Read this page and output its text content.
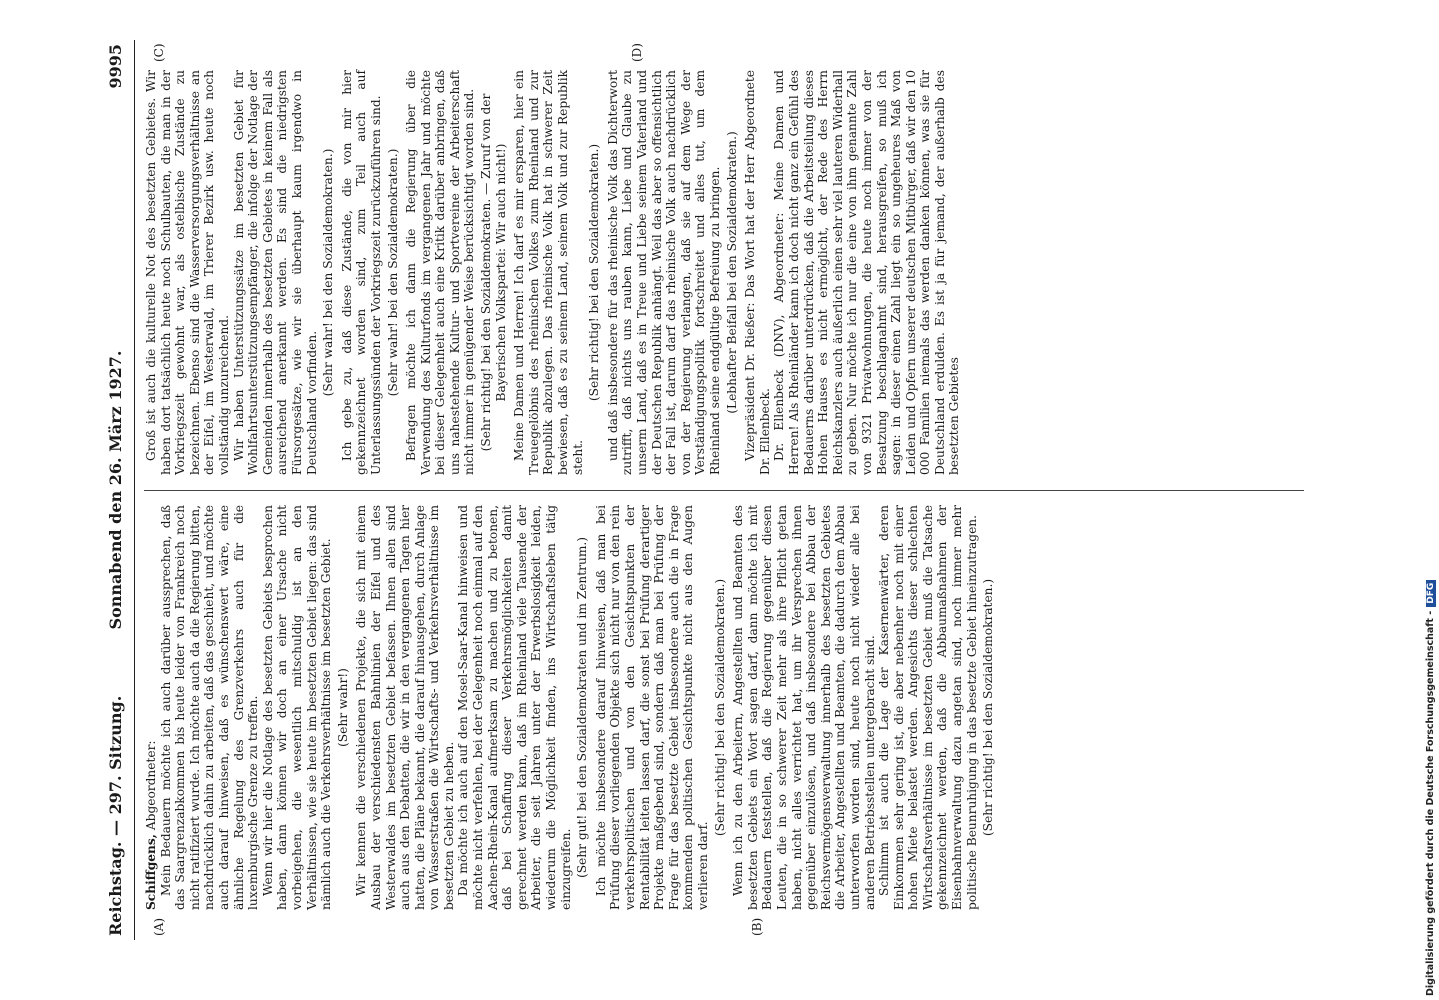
Reichstag. — 297. Sitzung.
Sonnabend den 26. März 1927.
9995
(A)	(B)
(C)	(D)

Schiffgens, Abgeordneter: Mein Bedauern möchte ich auch darüber aussprechen, daß das Saargrenzabkommen bis heute leider von Frankreich noch nicht ratifiziert wurde. Ich möchte auch da die Regierung bitten, nachdrücklich dahin zu arbeiten, daß das geschieht, und möchte auch darauf hinweisen, daß es wünschenswert wäre, eine ähnliche Regelung des Grenzverkehrs auch für die luxemburgische Grenze zu treffen. Wenn wir hier die Notlage des besetzten Gebiets besprochen haben, dann können wir doch an einer Ursache nicht vorbeigehen, die wesentlich mitschuldig ist an den Verhältnissen, wie sie heute im besetzten Gebiet liegen: das sind nämlich auch die Verkehrsverhältnisse im besetzten Gebiet. (Sehr wahr!) Wir kennen die verschiedenen Projekte, die sich mit einem Ausbau der verschiedensten Bahnlinien der Eifel und des Westerwaldes im besetzten Gebiet befassen. Ihnen allen sind auch aus den Debatten, die wir in den vergangenen Tagen hier hatten, die Pläne bekannt, die darauf hinausgehen, durch Anlage von Wasserstraßen die Wirtschafts- und Verkehrsverhältnisse im besetzten Gebiet zu heben. Da möchte ich auch auf den Mosel-Saar-Kanal hinweisen und möchte nicht verfehlen, bei der Gelegenheit noch einmal auf den Aachen-Rhein-Kanal aufmerksam zu machen und zu betonen, daß bei Schaffung dieser Verkehrsmöglichkeiten damit gerechnet werden kann, daß im Rheinland viele Tausende der Arbeiter, die seit Jahren unter der Erwerbslosigkeit leiden, wiederum die Möglichkeit finden, ins Wirtschaftsleben tätig einzugreifen. (Sehr gut! bei den Sozialdemokraten und im Zentrum.) Ich möchte insbesondere darauf hinweisen, daß man bei Prüfung dieser vorliegenden Objekte sich nicht nur von den rein verkehrspolitischen und von den Gesichtspunkten der Rentabilität leiten lassen darf, die sonst bei Prüfung derartiger Projekte maßgebend sind, sondern daß man bei Prüfung der Frage für das besetzte Gebiet insbesondere auch die in Frage kommenden politischen Gesichtspunkte nicht aus den Augen verlieren darf.

(Sehr richtig! bei den Sozialdemokraten.) Wenn ich zu den Arbeitern, Angestellten und Beamten des besetzten Gebiets ein Wort sagen darf, dann möchte ich mit Bedauern feststellen, daß die Regierung gegenüber diesen Leuten, die in so schwerer Zeit mehr als ihre Pflicht getan haben, nicht alles verrichtet hat, um ihr Versprechen ihnen gegenüber einzulösen, und daß insbesondere bei Abbau der Reichsvermögensverwaltung innerhalb des besetzten Gebietes die Arbeiter, Angestellten und Beamten, die dadurch dem Abbau unterworfen worden sind, heute noch nicht wieder alle bei anderen Betriebsstellen untergebracht sind. Schlimm ist auch die Lage der Kasernenwärter, deren Einkommen sehr gering ist, die aber nebenher noch mit einer hohen Miete belastet werden. Angesichts dieser schlechten Wirtschaftsverhältnisse im besetzten Gebiet muß die Tatsache gekennzeichnet werden, daß die Abbaumaßnahmen der Eisenbahnverwaltung dazu angetan sind, noch immer mehr politische Beunruhigung in das besetzte Gebiet hineinzutragen. (Sehr richtig! bei den Sozialdemokraten.)

Groß ist auch die kulturelle Not des besetzten Gebietes. Wir haben dort tatsächlich heute noch Schulbauten, die man in der Vorkriegszeit gewohnt war, als ostelbische Zustände zu bezeichnen. Ebenso sind die Wasserversorgungsverhältnisse an der Eifel, im Westerwald, im Trierer Bezirk usw. heute noch vollständig unzureichend. Wir haben Unterstützungssätze im besetzten Gebiet für Wohlfahrtsunterstützungsempfänger, die infolge der Notlage der Gemeinden innerhalb des besetzten Gebietes in keinem Fall als ausreichend anerkannt werden. Es sind die niedrigsten Fürsorgesätze, wie wir sie überhaupt kaum irgendwo in Deutschland vorfinden.

(Sehr wahr! bei den Sozialdemokraten.) Ich gebe zu, daß diese Zustände, die von mir hier gekennzeichnet worden sind, zum Teil auch auf Unterlassungssünden der Vorkriegszeit zurückzuführen sind. (Sehr wahr! bei den Sozialdemokraten.) Befragen möchte ich dann die Regierung über die Verwendung des Kulturfonds im vergangenen Jahr und möchte bei dieser Gelegenheit auch eine Kritik darüber anbringen, daß uns nahestehende Kultur- und Sportvereine der Arbeiterschaft nicht immer in genügender Weise berücksichtigt worden sind. (Sehr richtig! bei den Sozialdemokraten. — Zuruf von der Bayerischen Volkspartei: Wir auch nicht!) Meine Damen und Herren! Ich darf es mir ersparen, hier ein Treuegelöbnis des rheinischen Volkes zum Rheinland und zur Republik abzulegen. Das rheinische Volk hat in schwerer Zeit bewiesen, daß es zu seinem Land, seinem Volk und zur Republik steht.

(Sehr richtig! bei den Sozialdemokraten.) und daß insbesondere für das rheinische Volk das Dichterwort zutrifft, daß nichts uns rauben kann, Liebe und Glaube zu unserm Land, daß es in Treue und Liebe seinem Vaterland und der Deutschen Republik anhängt. Weil das aber so offensichtlich der Fall ist, darum darf das rheinische Volk auch nachdrücklich von der Regierung verlangen, daß sie auf dem Wege der Verständigungspolitik fortschreitet und alles tut, um dem Rheinland seine endgültige Befreiung zu bringen. (Lebhafter Beifall bei den Sozialdemokraten.) Vizepräsident Dr. Rießer: Das Wort hat der Herr Abgeordnete Dr. Ellenbeck. Dr. Ellenbeck (DNV), Abgeordneter: Meine Damen und Herren! Als Rheinländer kann ich doch nicht ganz ein Gefühl des Bedauerns darüber unterdrücken, daß die Arbeitsteilung dieses Hohen Hauses es nicht ermöglicht, der Rede des Herrn Reichskanzlers auch äußerlich einen sehr viel lauteren Widerhall zu geben. Nur möchte ich nur die eine von ihm genannte Zahl von 9321 Privatwohnungen, die heute noch immer von der Besatzung beschlagnahmt sind, herausgreifen, so muß ich sagen: in dieser einen Zahl liegt ein so ungeheures Maß von Leiden und Opfern unserer deutschen Mitbürger, daß wir den 10 000 Familien niemals das werden danken können, was sie für Deutschland erdulden. Es ist ja für jemand, der außerhalb des besetzten Gebietes

Digitalisierung gefördert durch die Deutsche Forschungsgemeinschaft -DFG
